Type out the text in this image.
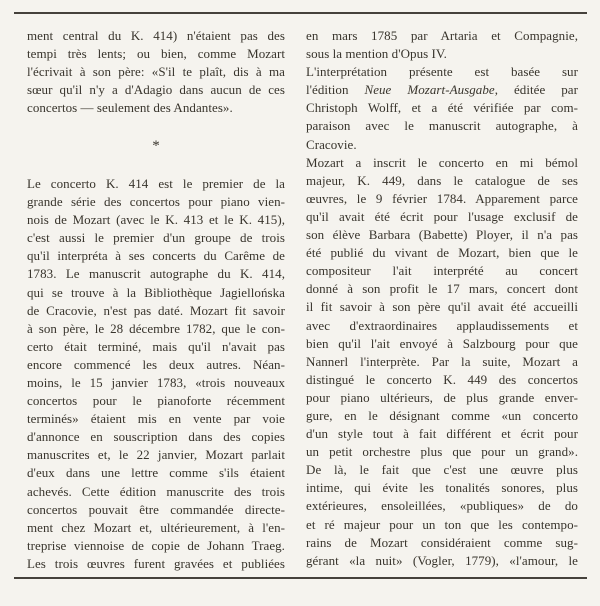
ment central du K. 414) n'étaient pas des
tempi très lents; ou bien, comme Mozart
l'écrivait à son père: «S'il te plaît, dis à ma
sœur qu'il n'y a d'Adagio dans aucun de ces
concertos — seulement des Andantes».
*
Le concerto K. 414 est le premier de la
grande série des concertos pour piano vien-
nois de Mozart (avec le K. 413 et le K. 415),
c'est aussi le premier d'un groupe de trois
qu'il interpréta à ses concerts du Carême de
1783. Le manuscrit autographe du K. 414,
qui se trouve à la Bibliothèque Jagiellońska
de Cracovie, n'est pas daté. Mozart fit savoir
à son père, le 28 décembre 1782, que le con-
certo était terminé, mais qu'il n'avait pas
encore commencé les deux autres. Néan-
moins, le 15 janvier 1783, «trois nouveaux
concertos pour le pianoforte récemment
terminés» étaient mis en vente par voie
d'annonce en souscription dans des copies
manuscrites et, le 22 janvier, Mozart parlait
d'eux dans une lettre comme s'ils étaient
achevés. Cette édition manuscrite des trois
concertos pouvait être commandée directe-
ment chez Mozart et, ultérieurement, à l'en-
treprise viennoise de copie de Johann Traeg.
Les trois œuvres furent gravées et publiées
en mars 1785 par Artaria et Compagnie,
sous la mention d'Opus IV.
L'interprétation présente est basée sur
l'édition Neue Mozart-Ausgabe, éditée par
Christoph Wolff, et a été vérifiée par com-
paraison avec le manuscrit autographe, à
Cracovie.
Mozart a inscrit le concerto en mi bémol
majeur, K. 449, dans le catalogue de ses
œuvres, le 9 février 1784. Apparement parce
qu'il avait été écrit pour l'usage exclusif de
son élève Barbara (Babette) Ployer, il n'a pas
été publié du vivant de Mozart, bien que le
compositeur l'ait interprété au concert
donné à son profit le 17 mars, concert dont
il fit savoir à son père qu'il avait été accueilli
avec d'extraordinaires applaudissements et
bien qu'il l'ait envoyé à Salzbourg pour que
Nannerl l'interprète. Par la suite, Mozart a
distingué le concerto K. 449 des concertos
pour piano ultérieurs, de plus grande enver-
gure, en le désignant comme «un concerto
d'un style tout à fait différent et écrit pour
un petit orchestre plus que pour un grand».
De là, le fait que c'est une œuvre plus
intime, qui évite les tonalités sonores, plus
extérieures, ensoleillées, «publiques» de do
et ré majeur pour un ton que les contempo-
rains de Mozart considéraient comme sug-
gérant «la nuit» (Vogler, 1779), «l'amour, le
